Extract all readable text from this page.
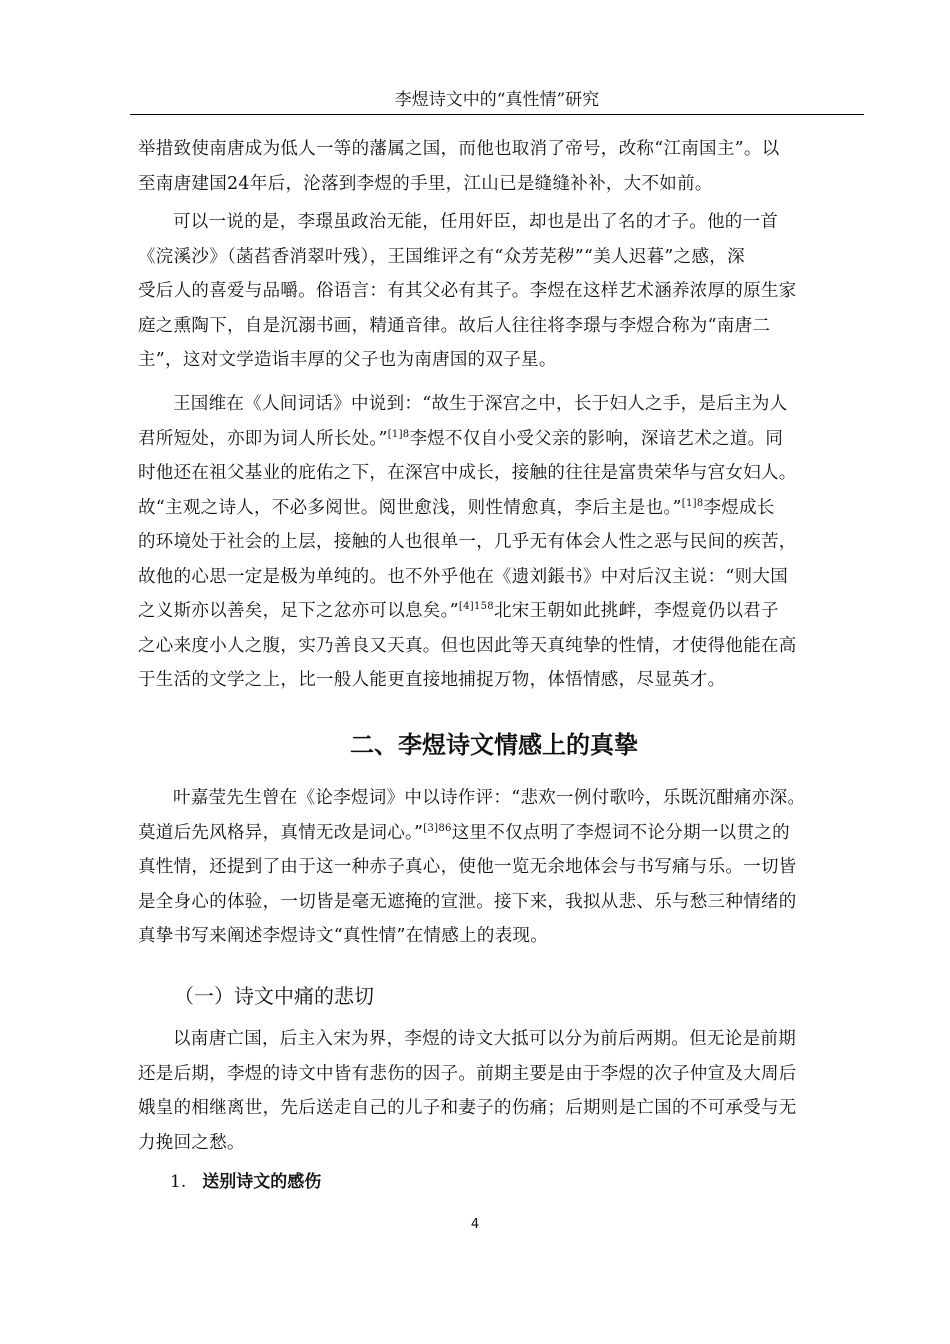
李煜诗文中的“真性情”研究
举措致使南唐成为低人一等的藩属之国，而他也取消了帝号，改称“江南国主”。以
至南唐建国24年后，沦落到李煜的手里，江山已是缝缝补补，大不如前。
可以一说的是，李璟虽政治无能，任用奸臣，却也是出了名的才子。他的一首
《浣溪沙》（菡萏香消翠叶残），王国维评之有“众芳芜秽”“美人迟暮”之感，深
受后人的喜爱与品嚼。俗语言：有其父必有其子。李煜在这样艺术涵养浓厚的原生家
庭之熏陶下，自是沉溺书画，精通音律。故后人往往将李璟与李煜合称为“南唐二
主”，这对文学造诣丰厚的父子也为南唐国的双子星。
王国维在《人间词话》中说到：“故生于深宫之中，长于妇人之手，是后主为人
君所短处，亦即为词人所长处。”$^{[1]8}$李煜不仅自小受父亲的影响，深谙艺术之道。同
时他还在祖父基业的庇佑之下，在深宫中成长，接触的往往是富贵荣华与宫女妇人。
故“主观之诗人，不必多阅世。阅世愈浅，则性情愈真，李后主是也。”$^{[1]8}$李煜成长
的环境处于社会的上层，接触的人也很单一，几乎无有体会人性之恶与民间的疾苦，
故他的心思一定是极为单纯的。也不外乎他在《遗刘鋹书》中对后汉主说：“则大国
之义斯亦以善矣，足下之忿亦可以息矣。”$^{[4]158}$北宋王朝如此挑衅，李煜竟仍以君子
之心来度小人之腹，实乃善良又天真。但也因此等天真纯挚的性情，才使得他能在高
于生活的文学之上，比一般人能更直接地捕捉万物，体悟情感，尽显英才。
二、李煜诗文情感上的真挚
叶嘉莹先生曾在《论李煜词》中以诗作评：“悲欢一例付歌吟，乐既沉酣痛亦深。
莫道后先风格异，真情无改是词心。”$^{[3]86}$这里不仅点明了李煜词不论分期一以贯之的
真性情，还提到了由于这一种赤子真心，使他一览无余地体会与书写痛与乐。一切皆
是全身心的体验，一切皆是毫无遮掩的宣泄。接下来，我拟从悲、乐与愁三种情绪的
真挚书写来阐述李煜诗文“真性情”在情感上的表现。
（一）诗文中痛的悲切
以南唐亡国，后主入宋为界，李煜的诗文大抵可以分为前后两期。但无论是前期
还是后期，李煜的诗文中皆有悲伤的因子。前期主要是由于李煜的次子仲宣及大周后
娥皇的相继离世，先后送走自己的儿子和妻子的伤痛；后期则是亡国的不可承受与无
力挽回之愁。
1. 送别诗文的感伤
4
